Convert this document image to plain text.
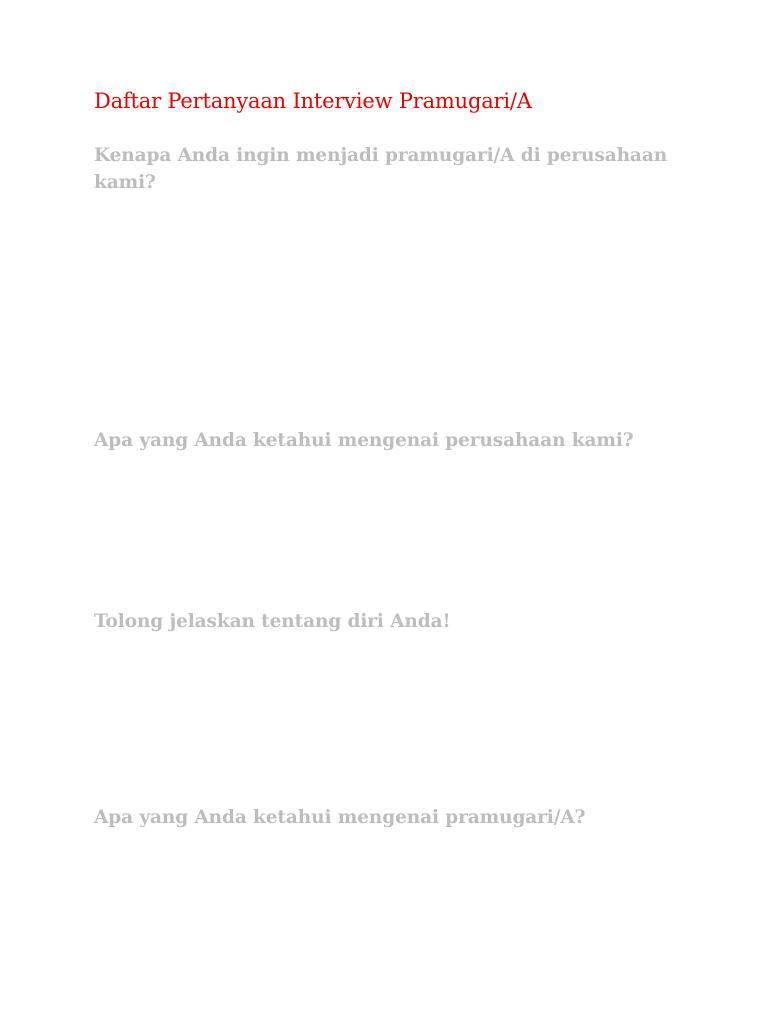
Daftar Pertanyaan Interview Pramugari/A

Kenapa Anda ingin menjadi pramugari/A di perusahaan kami?

Apa yang Anda ketahui mengenai perusahaan kami?

Tolong jelaskan tentang diri Anda!

Apa yang Anda ketahui mengenai pramugari/A?
